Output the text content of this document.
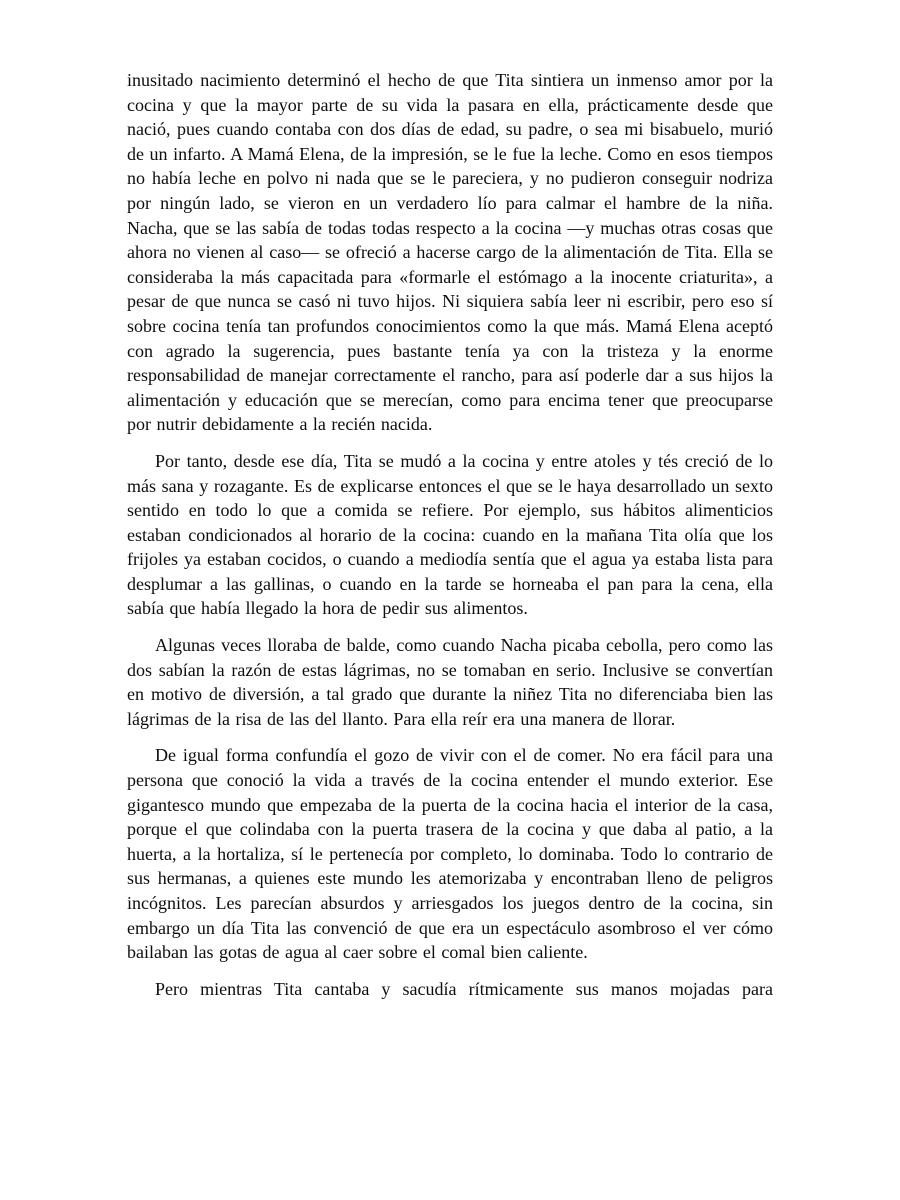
inusitado nacimiento determinó el hecho de que Tita sintiera un inmenso amor por la cocina y que la mayor parte de su vida la pasara en ella, prácticamente desde que nació, pues cuando contaba con dos días de edad, su padre, o sea mi bisabuelo, murió de un infarto. A Mamá Elena, de la impresión, se le fue la leche. Como en esos tiempos no había leche en polvo ni nada que se le pareciera, y no pudieron conseguir nodriza por ningún lado, se vieron en un verdadero lío para calmar el hambre de la niña. Nacha, que se las sabía de todas todas respecto a la cocina —y muchas otras cosas que ahora no vienen al caso— se ofreció a hacerse cargo de la alimentación de Tita. Ella se consideraba la más capacitada para «formarle el estómago a la inocente criaturita», a pesar de que nunca se casó ni tuvo hijos. Ni siquiera sabía leer ni escribir, pero eso sí sobre cocina tenía tan profundos conocimientos como la que más. Mamá Elena aceptó con agrado la sugerencia, pues bastante tenía ya con la tristeza y la enorme responsabilidad de manejar correctamente el rancho, para así poderle dar a sus hijos la alimentación y educación que se merecían, como para encima tener que preocuparse por nutrir debidamente a la recién nacida.

Por tanto, desde ese día, Tita se mudó a la cocina y entre atoles y tés creció de lo más sana y rozagante. Es de explicarse entonces el que se le haya desarrollado un sexto sentido en todo lo que a comida se refiere. Por ejemplo, sus hábitos alimenticios estaban condicionados al horario de la cocina: cuando en la mañana Tita olía que los frijoles ya estaban cocidos, o cuando a mediodía sentía que el agua ya estaba lista para desplumar a las gallinas, o cuando en la tarde se horneaba el pan para la cena, ella sabía que había llegado la hora de pedir sus alimentos.

Algunas veces lloraba de balde, como cuando Nacha picaba cebolla, pero como las dos sabían la razón de estas lágrimas, no se tomaban en serio. Inclusive se convertían en motivo de diversión, a tal grado que durante la niñez Tita no diferenciaba bien las lágrimas de la risa de las del llanto. Para ella reír era una manera de llorar.

De igual forma confundía el gozo de vivir con el de comer. No era fácil para una persona que conoció la vida a través de la cocina entender el mundo exterior. Ese gigantesco mundo que empezaba de la puerta de la cocina hacia el interior de la casa, porque el que colindaba con la puerta trasera de la cocina y que daba al patio, a la huerta, a la hortaliza, sí le pertenecía por completo, lo dominaba. Todo lo contrario de sus hermanas, a quienes este mundo les atemorizaba y encontraban lleno de peligros incógnitos. Les parecían absurdos y arriesgados los juegos dentro de la cocina, sin embargo un día Tita las convenció de que era un espectáculo asombroso el ver cómo bailaban las gotas de agua al caer sobre el comal bien caliente.

Pero mientras Tita cantaba y sacudía rítmicamente sus manos mojadas para
